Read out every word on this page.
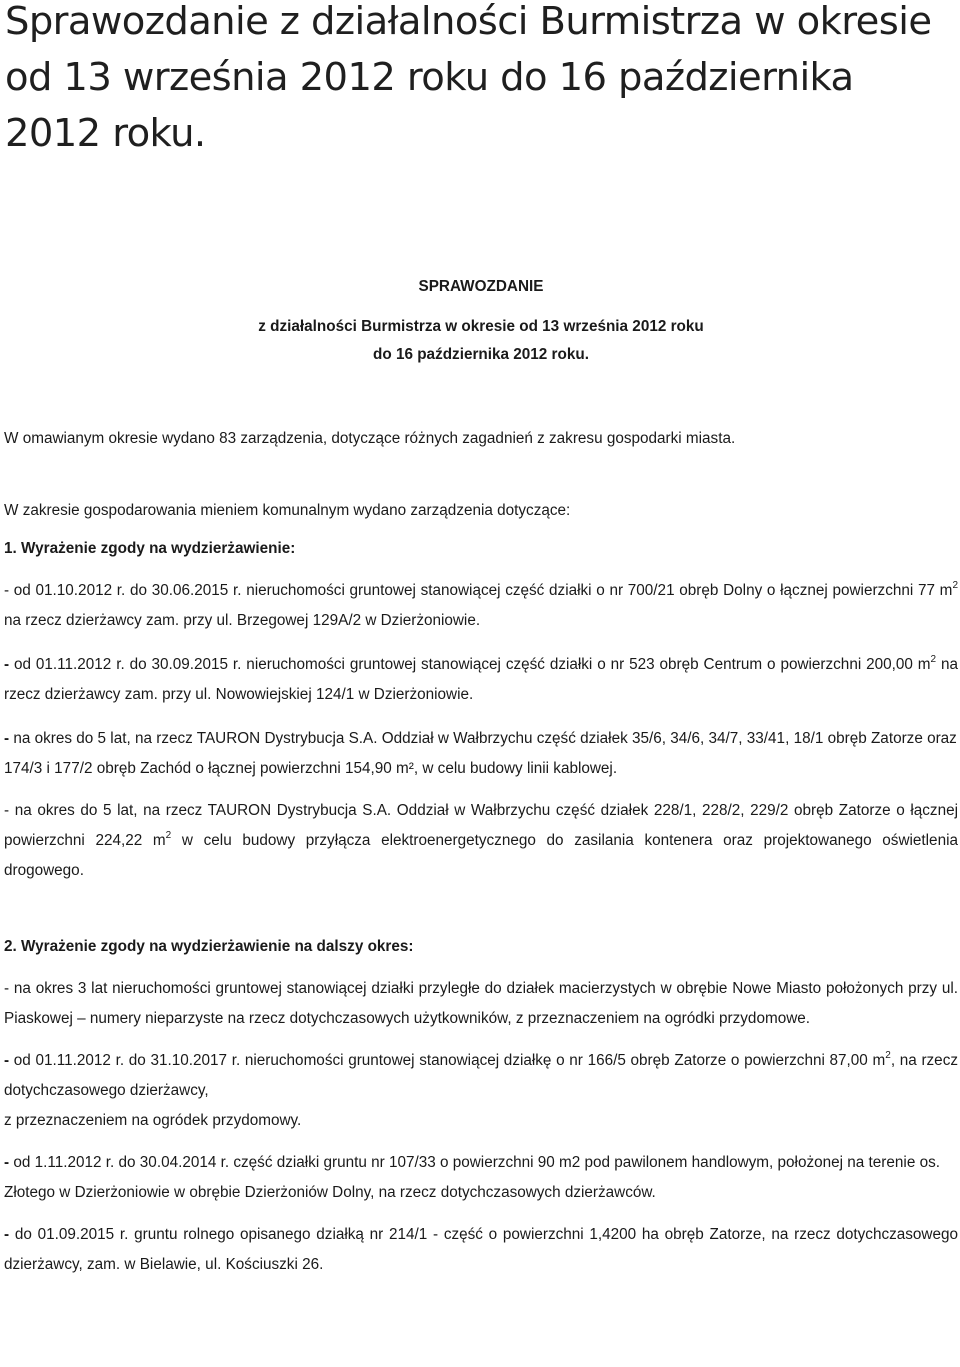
Sprawozdanie z działalności Burmistrza w okresie od 13 września 2012 roku do 16 października 2012 roku.

SPRAWOZDANIE

z działalności Burmistrza w okresie od 13 września 2012 roku

do 16 października 2012 roku.

W omawianym okresie wydano 83 zarządzenia, dotyczące różnych zagadnień z zakresu gospodarki miasta.

W zakresie gospodarowania mieniem komunalnym wydano zarządzenia dotyczące:

1. Wyrażenie zgody na wydzierżawienie:

- od 01.10.2012 r. do 30.06.2015 r. nieruchomości gruntowej stanowiącej część działki o nr 700/21 obręb Dolny o łącznej powierzchni 77 $m^2$ na rzecz dzierżawcy zam. przy ul. Brzegowej 129A/2 w Dzierżoniowie.

- od 01.11.2012 r. do 30.09.2015 r. nieruchomości gruntowej stanowiącej część działki o nr 523 obręb Centrum o powierzchni 200,00 $m^2$ na rzecz dzierżawcy zam. przy ul. Nowowiejskiej 124/1 w Dzierżoniowie.

- na okres do 5 lat, na rzecz TAURON Dystrybucja S.A. Oddział w Wałbrzychu część działek 35/6, 34/6, 34/7, 33/41, 18/1 obręb Zatorze oraz 174/3 i 177/2 obręb Zachód o łącznej powierzchni 154,90 m², w celu budowy linii kablowej.

- na okres do 5 lat, na rzecz TAURON Dystrybucja S.A. Oddział w Wałbrzychu część działek 228/1, 228/2, 229/2 obręb Zatorze o łącznej powierzchni 224,22 $m^2$ w celu budowy przyłącza elektroenergetycznego do zasilania kontenera oraz projektowanego oświetlenia drogowego.

2. Wyrażenie zgody na wydzierżawienie na dalszy okres:

- na okres 3 lat nieruchomości gruntowej stanowiącej działki przyległe do działek macierzystych w obrębie Nowe Miasto położonych przy ul. Piaskowej – numery nieparzyste na rzecz dotychczasowych użytkowników, z przeznaczeniem na ogródki przydomowe.

- od 01.11.2012 r. do 31.10.2017 r. nieruchomości gruntowej stanowiącej działkę o nr 166/5 obręb Zatorze o powierzchni 87,00 $m^2$, na rzecz dotychczasowego dzierżawcy,
z przeznaczeniem na ogródek przydomowy.

- od 1.11.2012 r. do 30.04.2014 r. część działki gruntu nr 107/33 o powierzchni 90 m2 pod pawilonem handlowym, położonej na terenie os. Złotego w Dzierżoniowie w obrębie Dzierżoniów Dolny, na rzecz dotychczasowych dzierżawców.

- do 01.09.2015 r. gruntu rolnego opisanego działką nr 214/1 - część o powierzchni 1,4200 ha obręb Zatorze, na rzecz dotychczasowego dzierżawcy, zam. w Bielawie, ul. Kościuszki 26.
